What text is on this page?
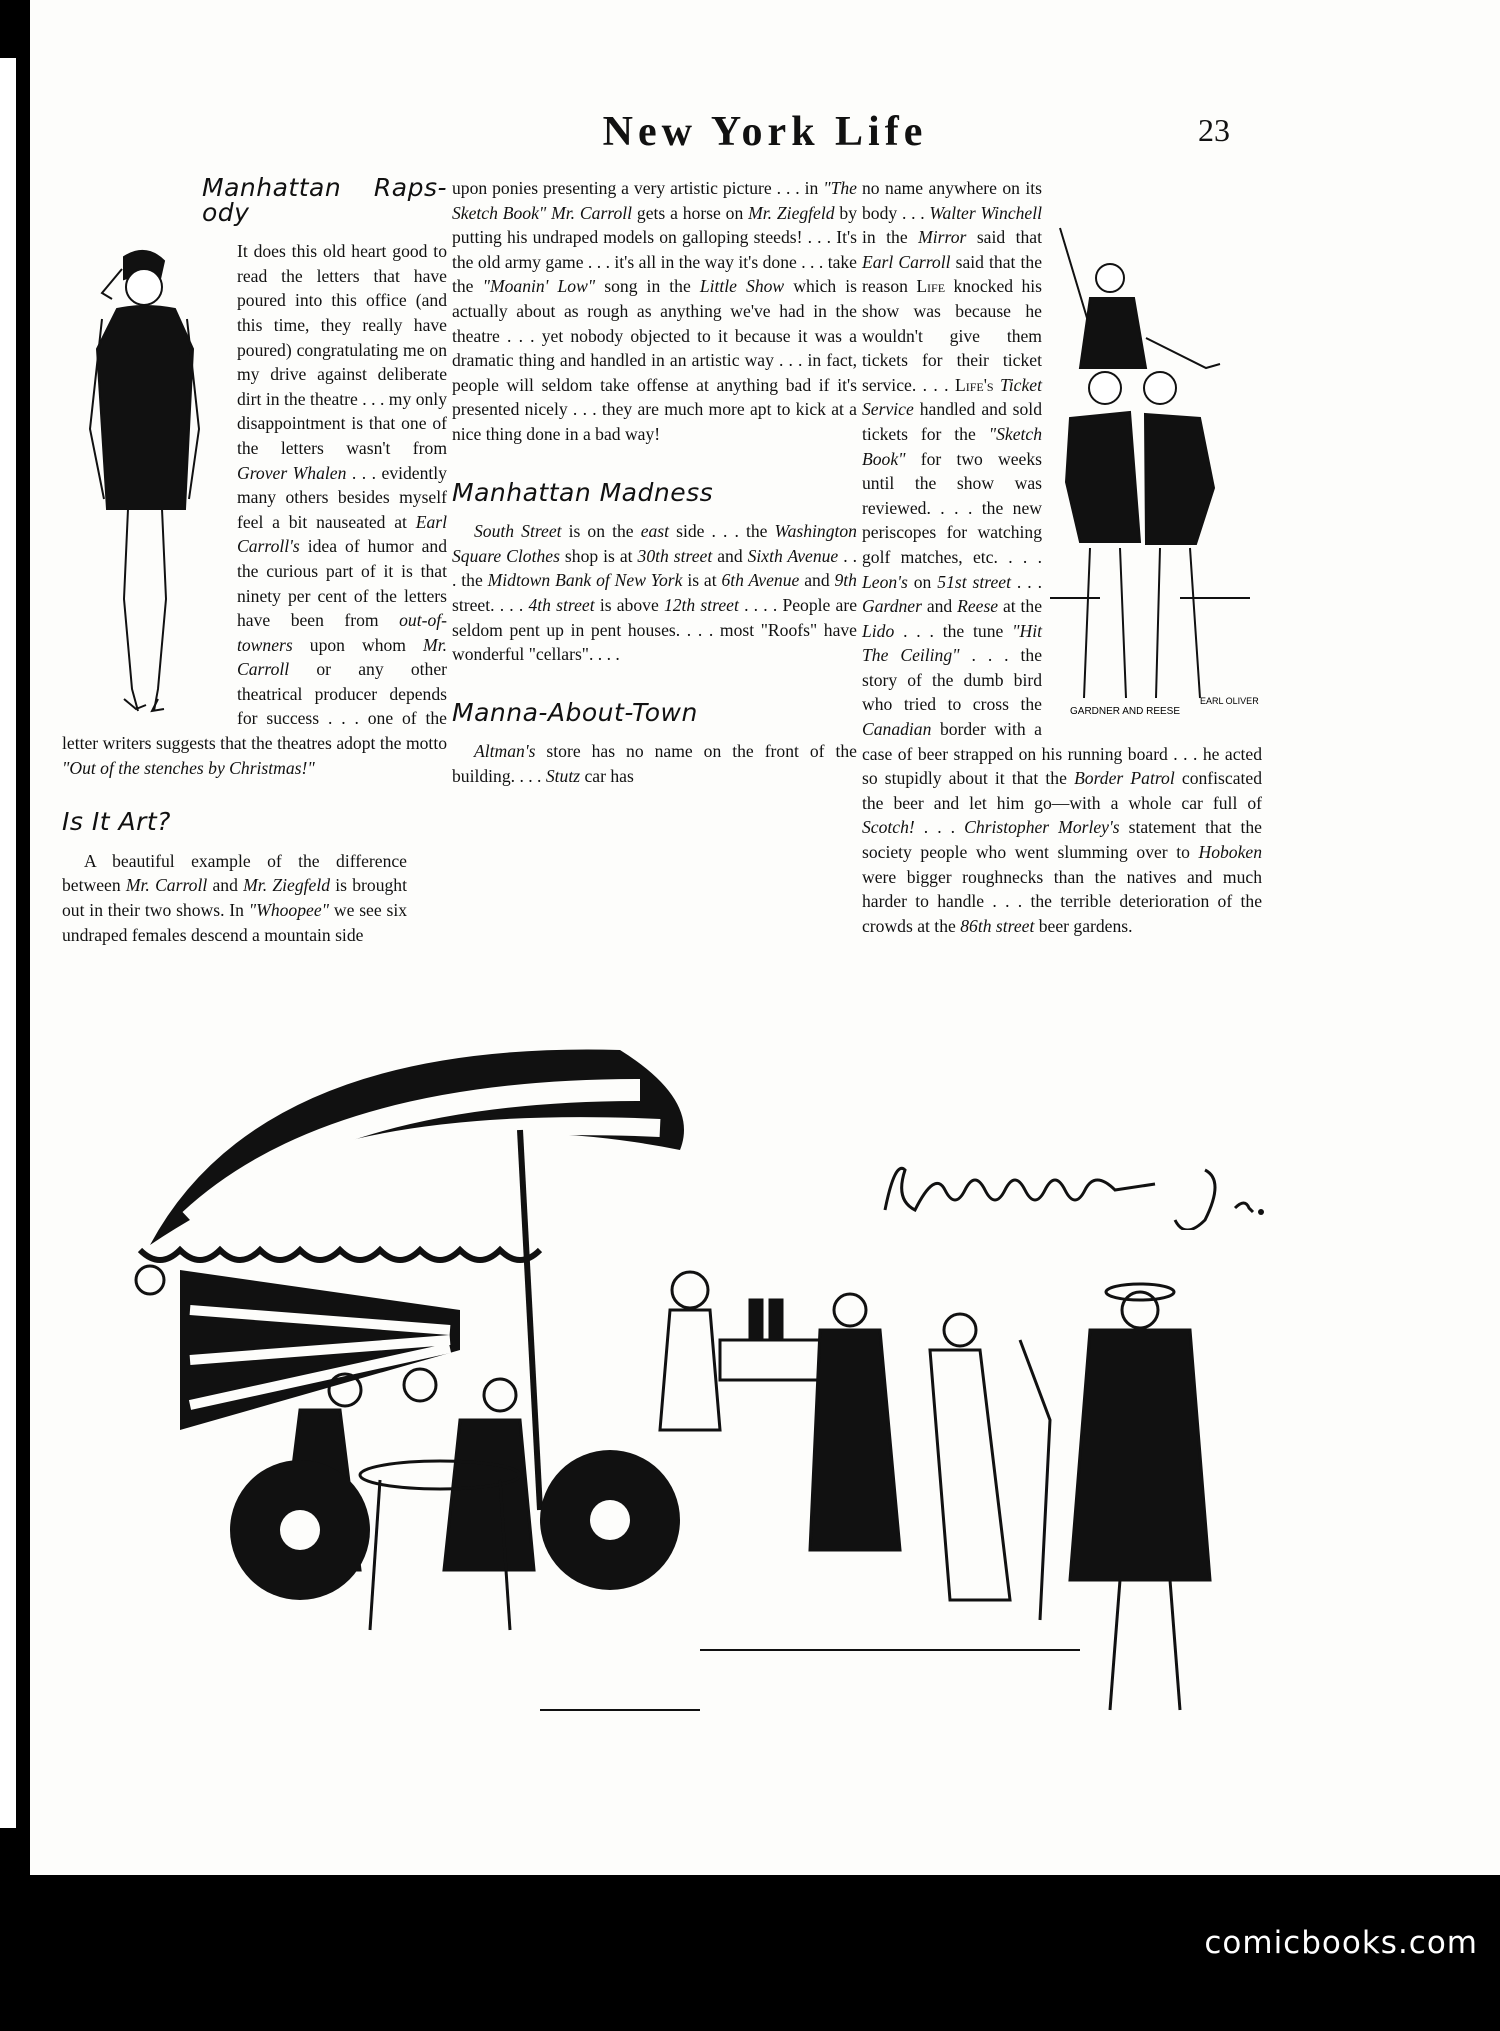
New York Life	23
Manhattan Raps-ody

It does this old heart good to read the letters that have poured into this office (and this time, they really have poured) congratulating me on my drive against deliberate dirt in the theatre . . . my only disappointment is that one of the letters wasn't from Grover Whalen . . . evidently many others besides myself feel a bit nauseated at Earl Carroll's idea of humor and the curious part of it is that ninety per cent of the letters have been from out-of-towners upon whom Mr. Carroll or any other theatrical producer depends for success . . . one of the letter writers suggests that the theatres adopt the motto "Out of the stenches by Christmas!"

Is It Art?

A beautiful example of the difference between Mr. Carroll and Mr. Ziegfeld is brought out in their two shows. In "Whoopee" we see six undraped females descend a mountain side

upon ponies presenting a very artistic picture . . . in "The Sketch Book" Mr. Carroll gets a horse on Mr. Ziegfeld by putting his undraped models on galloping steeds! . . . It's the old army game . . . it's all in the way it's done . . . take the "Moanin' Low" song in the Little Show which is actually about as rough as anything we've had in the theatre . . . yet nobody objected to it because it was a dramatic thing and handled in an artistic way . . . in fact, people will seldom take offense at anything bad if it's presented nicely . . . they are much more apt to kick at a nice thing done in a bad way!

Manhattan Madness

South Street is on the east side . . . the Washington Square Clothes shop is at 30th street and Sixth Avenue . . . the Midtown Bank of New York is at 6th Avenue and 9th street. . . . 4th street is above 12th street . . . . People are seldom pent up in pent houses. . . . most "Roofs" have wonderful "cellars". . . .

Manna-About-Town

Altman's store has no name on the front of the building. . . . Stutz car has

GARDNER AND REESE
EARL OLIVER

no name anywhere on its body . . . Walter Winchell in the Mirror said that Earl Carroll said that the reason Life knocked his show was because he wouldn't give them tickets for their ticket service. . . . Life's Ticket Service handled and sold tickets for the "Sketch Book" for two weeks until the show was reviewed. . . . the new periscopes for watching golf matches, etc. . . . Leon's on 51st street . . . Gardner and Reese at the Lido . . . the tune "Hit The Ceiling" . . . the story of the dumb bird who tried to cross the Canadian border with a case of beer strapped on his running board . . . he acted so stupidly about it that the Border Patrol confiscated the beer and let him go—with a whole car full of Scotch! . . . Christopher Morley's statement that the society people who went slumming over to Hoboken were bigger roughnecks than the natives and much harder to handle . . . the terrible deterioration of the crowds at the 86th street beer gardens.

comicbooks.com
